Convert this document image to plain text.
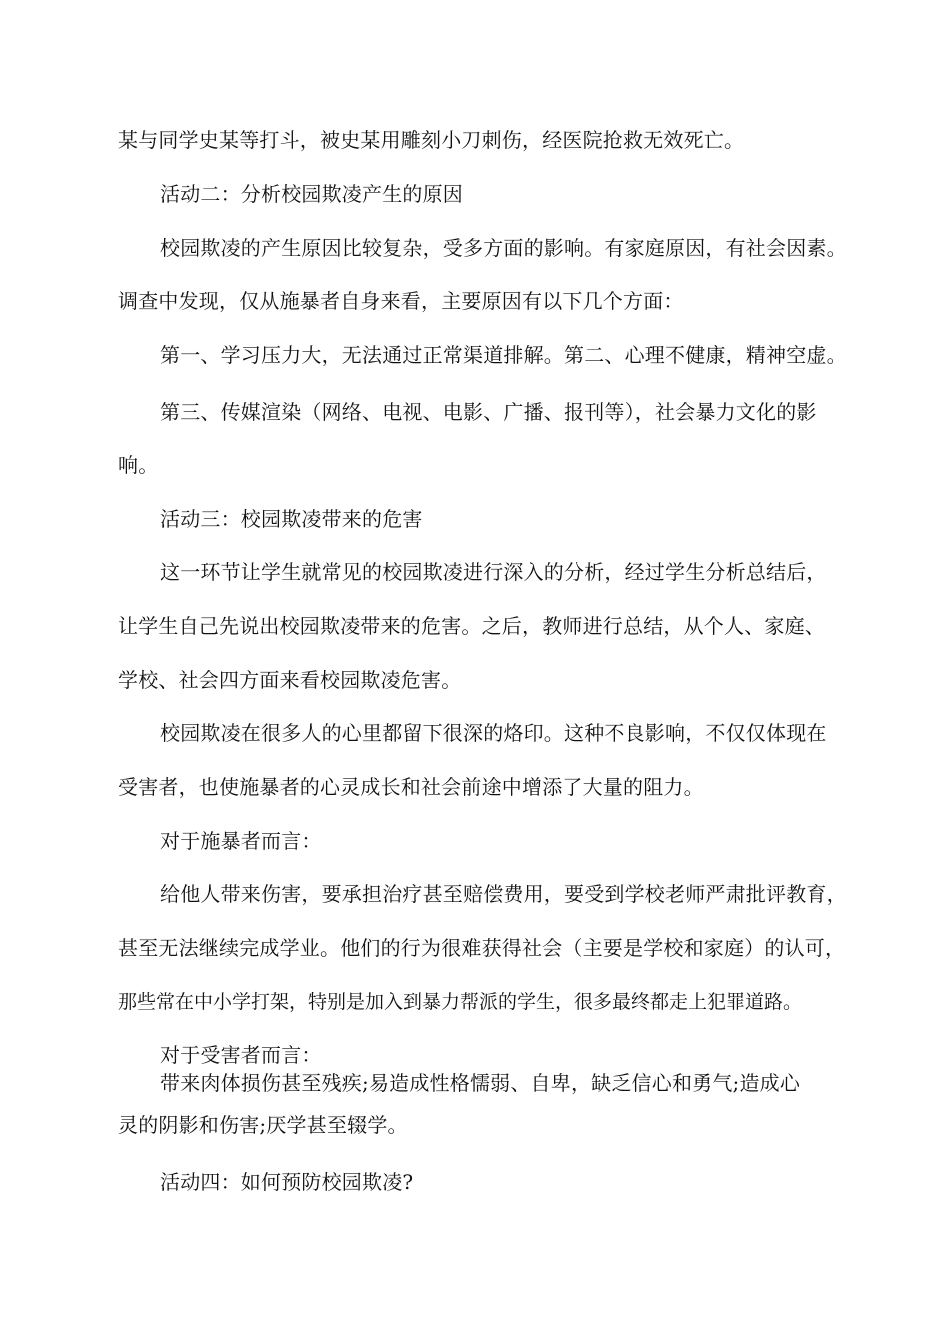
某与同学史某等打斗，被史某用雕刻小刀刺伤，经医院抢救无效死亡。

活动二：分析校园欺凌产生的原因

校园欺凌的产生原因比较复杂，受多方面的影响。有家庭原因，有社会因素。

调查中发现，仅从施暴者自身来看，主要原因有以下几个方面：

第一、学习压力大，无法通过正常渠道排解。第二、心理不健康，精神空虚。

第三、传媒渲染（网络、电视、电影、广播、报刊等），社会暴力文化的影

响。

活动三：校园欺凌带来的危害

这一环节让学生就常见的校园欺凌进行深入的分析，经过学生分析总结后，

让学生自己先说出校园欺凌带来的危害。之后，教师进行总结，从个人、家庭、

学校、社会四方面来看校园欺凌危害。

校园欺凌在很多人的心里都留下很深的烙印。这种不良影响，不仅仅体现在

受害者，也使施暴者的心灵成长和社会前途中增添了大量的阻力。

对于施暴者而言：

给他人带来伤害，要承担治疗甚至赔偿费用，要受到学校老师严肃批评教育，

甚至无法继续完成学业。他们的行为很难获得社会（主要是学校和家庭）的认可，

那些常在中小学打架，特别是加入到暴力帮派的学生，很多最终都走上犯罪道路。

对于受害者而言：

带来肉体损伤甚至残疾;易造成性格懦弱、自卑，缺乏信心和勇气;造成心

灵的阴影和伤害;厌学甚至辍学。

活动四：如何预防校园欺凌?
